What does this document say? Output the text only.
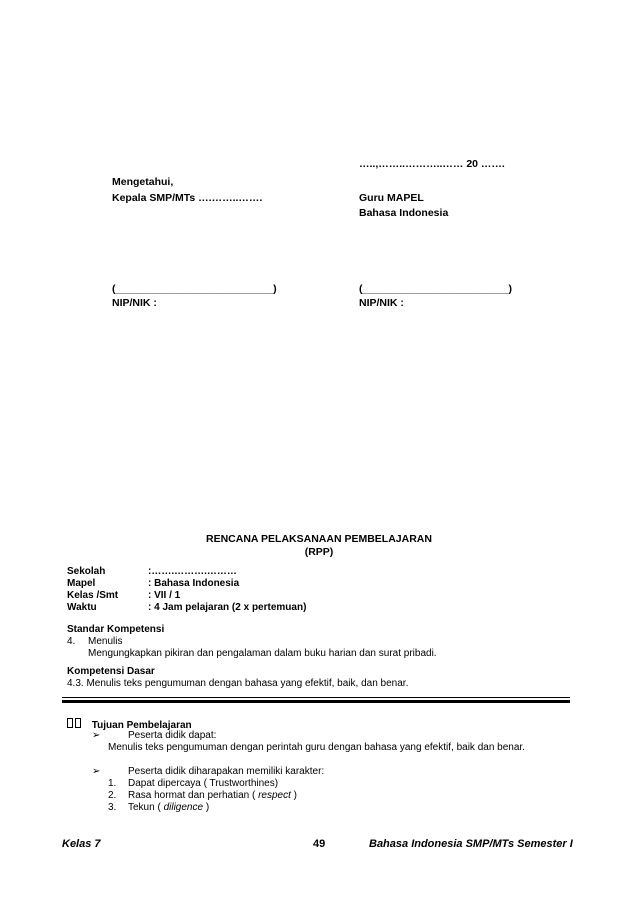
…..,……..………..…… 20 …….
Mengetahui,
Kepala SMP/MTs ….……..…….	Guru MAPEL
Bahasa Indonesia
(___________________________)
NIP/NIK :
(_________________________)
NIP/NIK :
RENCANA PELAKSANAAN PEMBELAJARAN
(RPP)
Sekolah	:…….……….………
Mapel	: Bahasa Indonesia
Kelas /Smt	: VII / 1
Waktu	: 4 Jam pelajaran (2 x pertemuan)
Standar Kompetensi
4. Menulis
Mengungkapkan pikiran dan pengalaman dalam buku harian dan surat pribadi.
Kompetensi Dasar
4.3. Menulis teks pengumuman dengan bahasa yang efektif, baik, dan benar.
Tujuan Pembelajaran
➢	Peserta didik dapat:
Menulis teks pengumuman dengan perintah guru dengan bahasa yang efektif, baik dan benar.
➢	Peserta didik diharapakan memiliki karakter:
1. Dapat dipercaya ( Trustworthines)
2. Rasa hormat dan perhatian ( respect )
3. Tekun ( diligence )
Kelas 7	49	Bahasa Indonesia SMP/MTs Semester I
